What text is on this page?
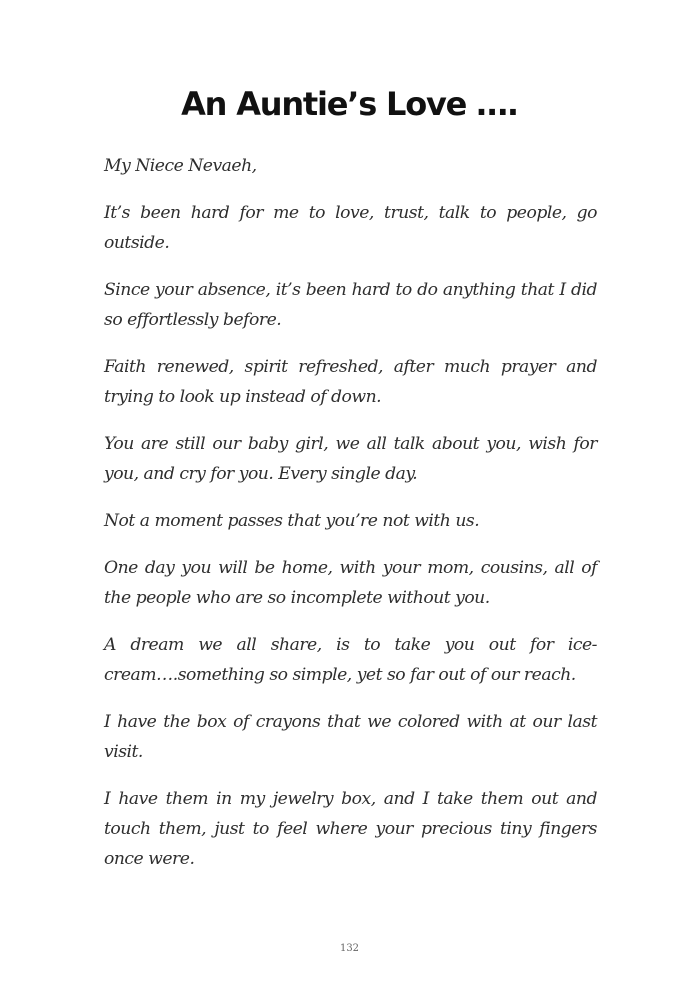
An Auntie’s Love ….

My Niece Nevaeh,

It’s been hard for me to love, trust, talk to people, go outside.

Since your absence, it’s been hard to do anything that I did so effortlessly before.

Faith renewed, spirit refreshed, after much prayer and trying to look up instead of down.

You are still our baby girl, we all talk about you, wish for you, and cry for you. Every single day.

Not a moment passes that you’re not with us.

One day you will be home, with your mom, cousins, all of the people who are so incomplete without you.

A dream we all share, is to take you out for ice-cream….something so simple, yet so far out of our reach.

I have the box of crayons that we colored with at our last visit.

I have them in my jewelry box, and I take them out and touch them, just to feel where your precious tiny fingers once were.

132
